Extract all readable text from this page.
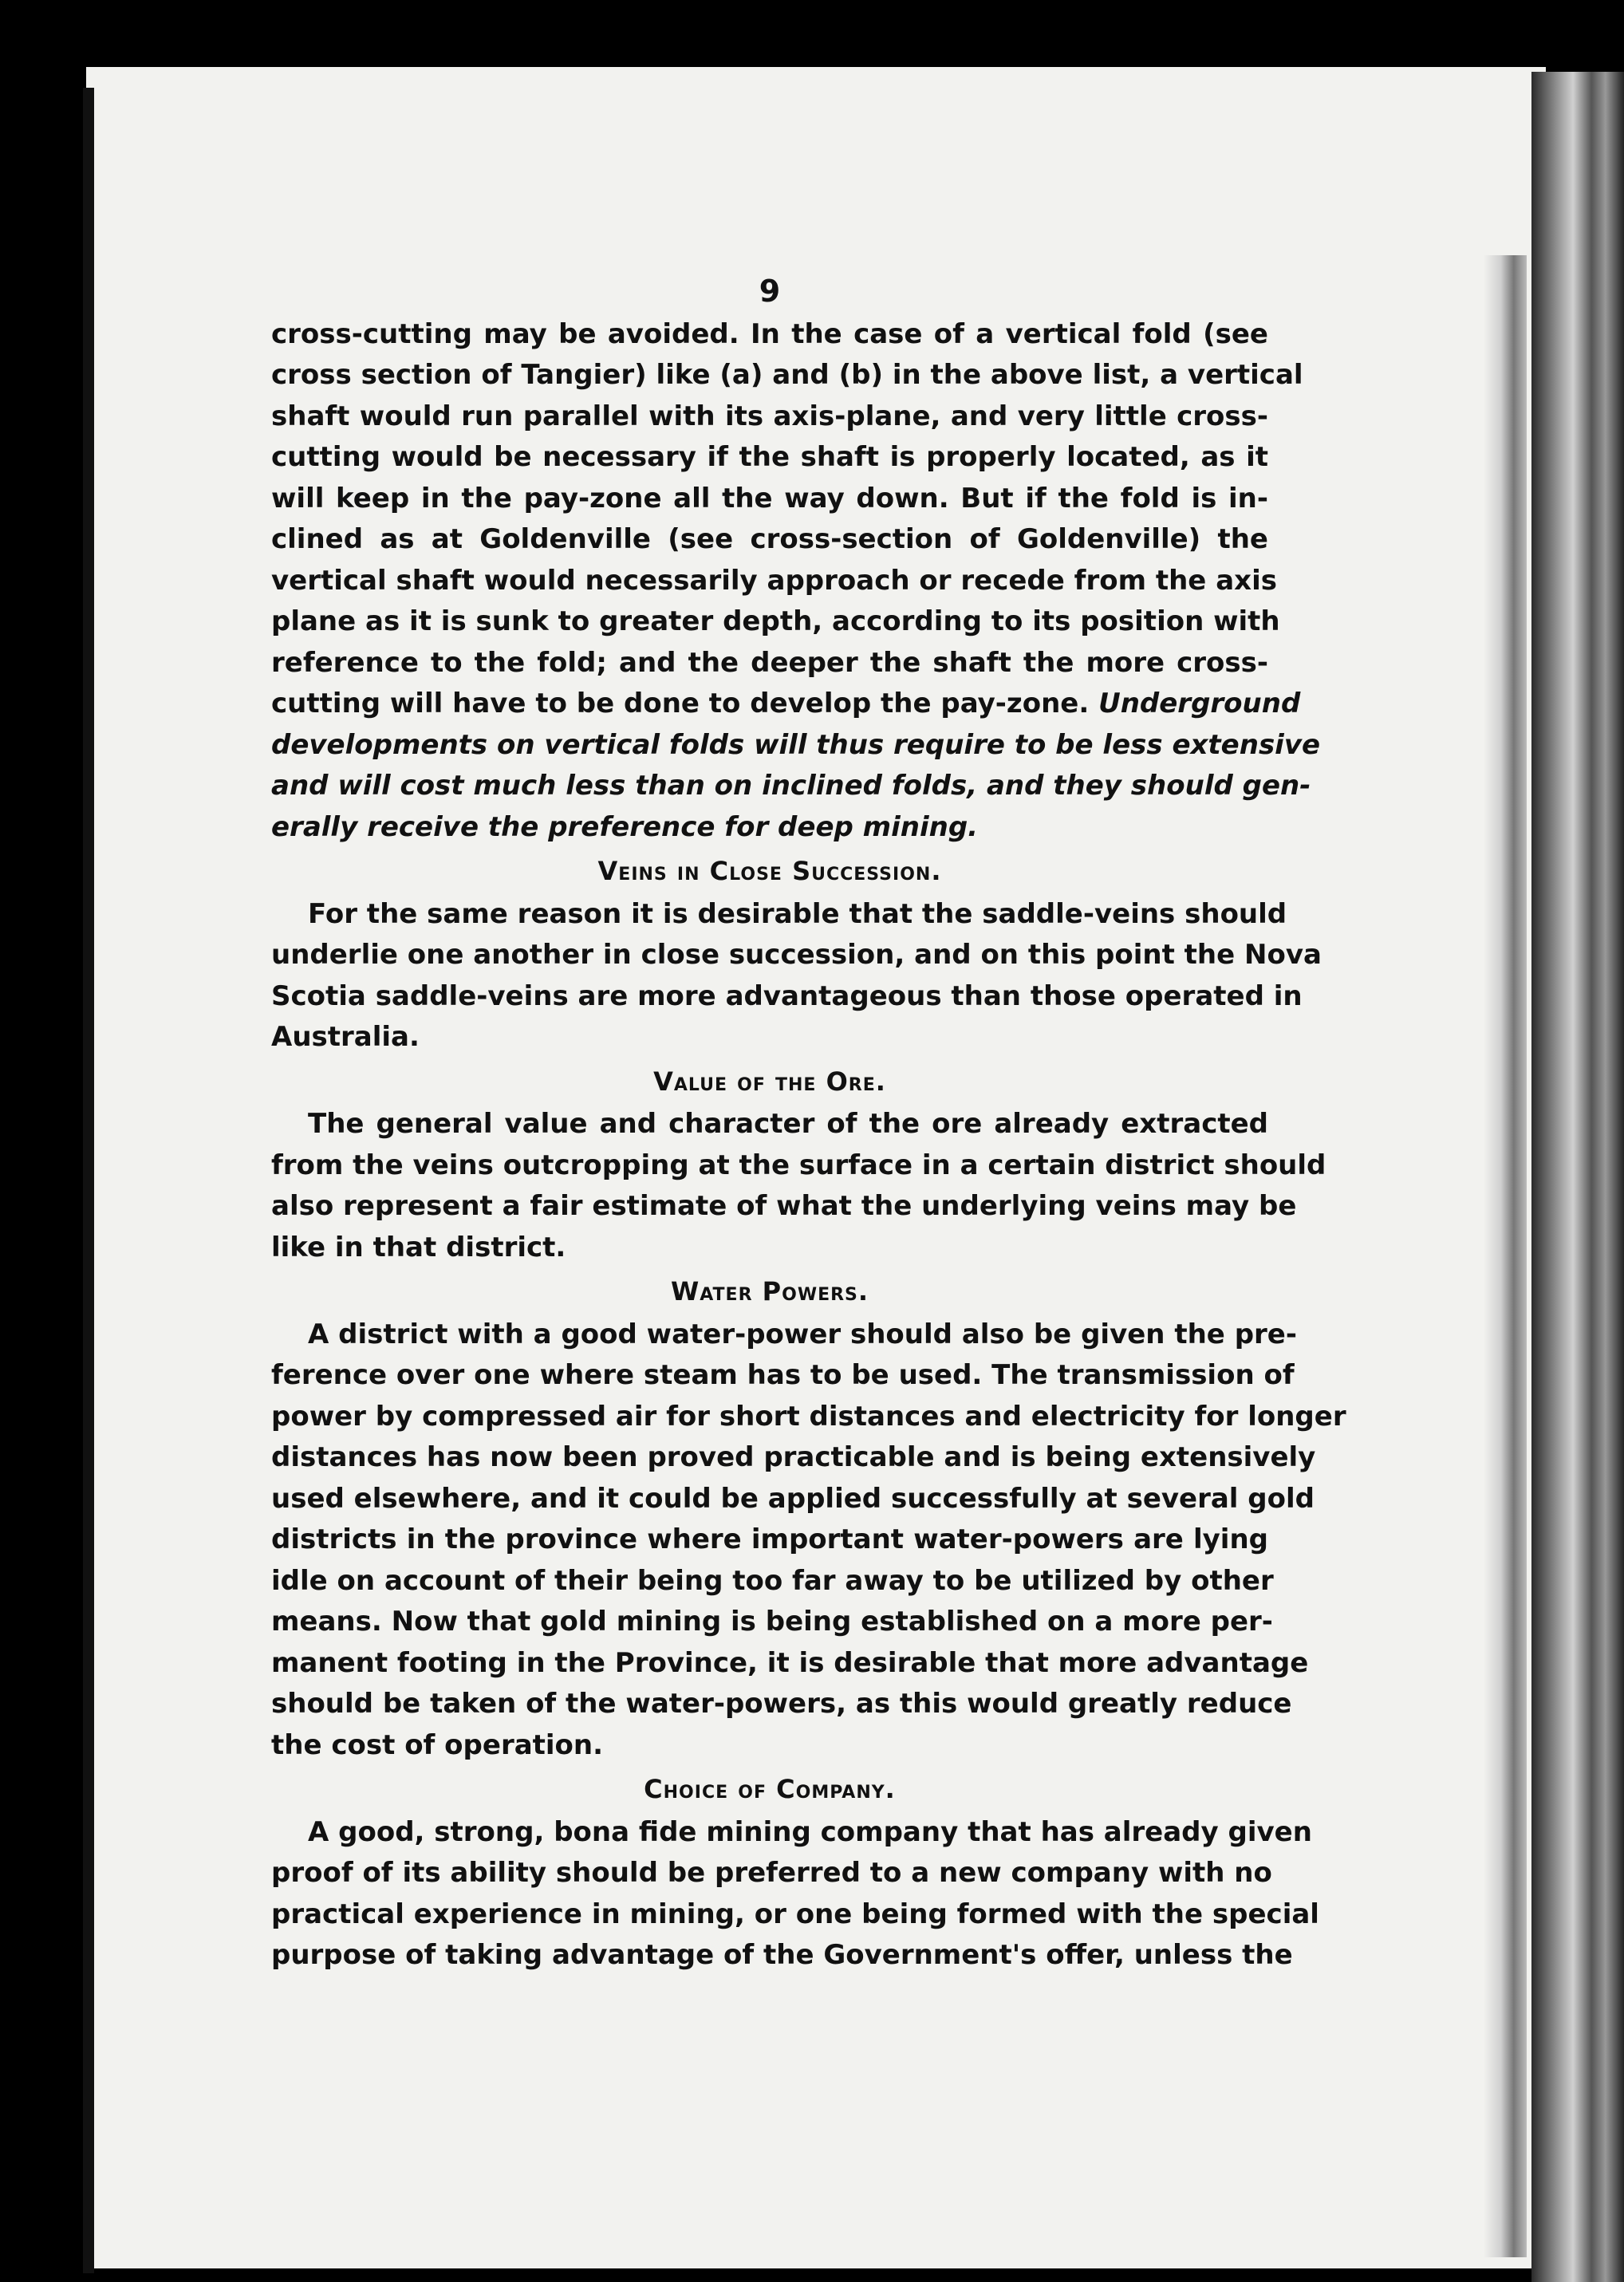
9
cross-cutting may be avoided. In the case of a vertical fold (see
cross section of Tangier) like (a) and (b) in the above list, a vertical
shaft would run parallel with its axis-plane, and very little cross-
cutting would be necessary if the shaft is properly located, as it
will keep in the pay-zone all the way down. But if the fold is in-
clined as at Goldenville (see cross-section of Goldenville) the
vertical shaft would necessarily approach or recede from the axis
plane as it is sunk to greater depth, according to its position with
reference to the fold; and the deeper the shaft the more cross-
cutting will have to be done to develop the pay-zone. Underground
developments on vertical folds will thus require to be less extensive
and will cost much less than on inclined folds, and they should gen-
erally receive the preference for deep mining.
Veins in Close Succession.
For the same reason it is desirable that the saddle-veins should
underlie one another in close succession, and on this point the Nova
Scotia saddle-veins are more advantageous than those operated in
Australia.
Value of the Ore.
The general value and character of the ore already extracted
from the veins outcropping at the surface in a certain district should
also represent a fair estimate of what the underlying veins may be
like in that district.
Water Powers.
A district with a good water-power should also be given the pre-
ference over one where steam has to be used. The transmission of
power by compressed air for short distances and electricity for longer
distances has now been proved practicable and is being extensively
used elsewhere, and it could be applied successfully at several gold
districts in the province where important water-powers are lying
idle on account of their being too far away to be utilized by other
means. Now that gold mining is being established on a more per-
manent footing in the Province, it is desirable that more advantage
should be taken of the water-powers, as this would greatly reduce
the cost of operation.
Choice of Company.
A good, strong, bona fide mining company that has already given
proof of its ability should be preferred to a new company with no
practical experience in mining, or one being formed with the special
purpose of taking advantage of the Government's offer, unless the
